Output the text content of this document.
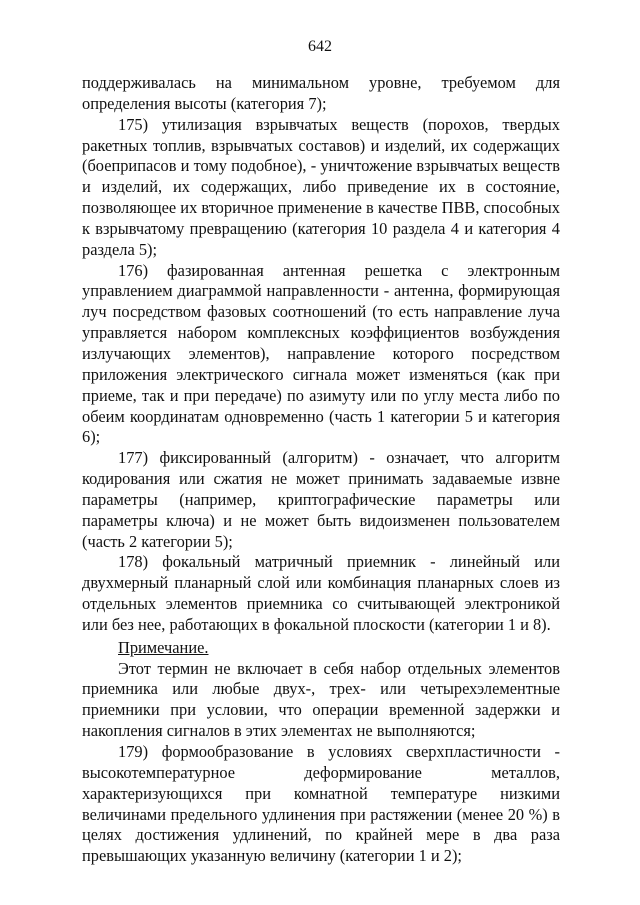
642

поддерживалась на минимальном уровне, требуемом для определения высоты (категория 7);

175) утилизация взрывчатых веществ (порохов, твердых ракетных топлив, взрывчатых составов) и изделий, их содержащих (боеприпасов и тому подобное), - уничтожение взрывчатых веществ и изделий, их содержащих, либо приведение их в состояние, позволяющее их вторичное применение в качестве ПВВ, способных к взрывчатому превращению (категория 10 раздела 4 и категория 4 раздела 5);

176) фазированная антенная решетка с электронным управлением диаграммой направленности - антенна, формирующая луч посредством фазовых соотношений (то есть направление луча управляется набором комплексных коэффициентов возбуждения излучающих элементов), направление которого посредством приложения электрического сигнала может изменяться (как при приеме, так и при передаче) по азимуту или по углу места либо по обеим координатам одновременно (часть 1 категории 5 и категория 6);

177) фиксированный (алгоритм) - означает, что алгоритм кодирования или сжатия не может принимать задаваемые извне параметры (например, криптографические параметры или параметры ключа) и не может быть видоизменен пользователем (часть 2 категории 5);

178) фокальный матричный приемник - линейный или двухмерный планарный слой или комбинация планарных слоев из отдельных элементов приемника со считывающей электроникой или без нее, работающих в фокальной плоскости (категории 1 и 8).

Примечание.

Этот термин не включает в себя набор отдельных элементов приемника или любые двух-, трех- или четырехэлементные приемники при условии, что операции временной задержки и накопления сигналов в этих элементах не выполняются;

179) формообразование в условиях сверхпластичности - высокотемпературное деформирование металлов, характеризующихся при комнатной температуре низкими величинами предельного удлинения при растяжении (менее 20 %) в целях достижения удлинений, по крайней мере в два раза превышающих указанную величину (категории 1 и 2);
